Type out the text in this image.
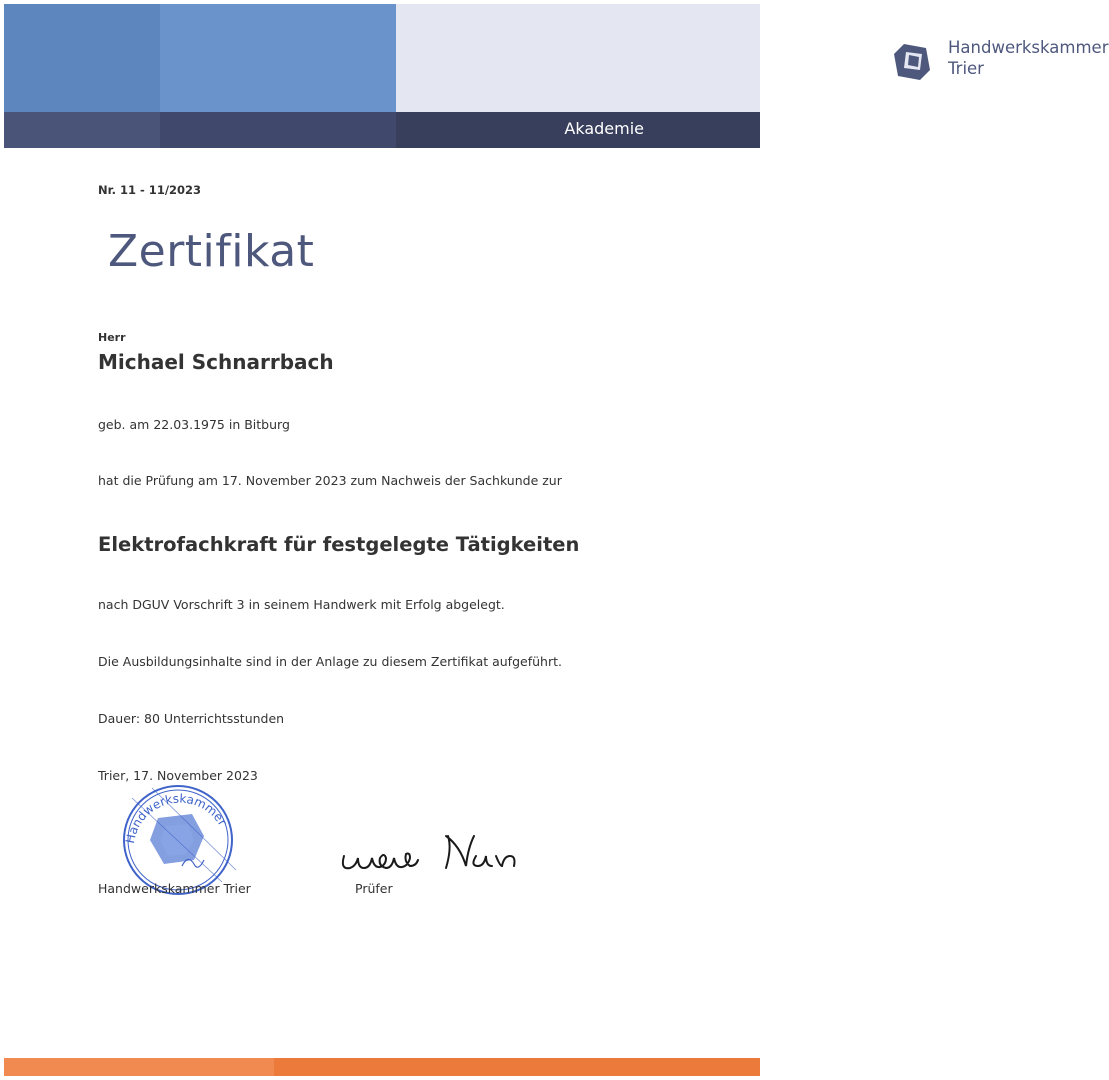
Handwerkskammer
Trier
Akademie
Nr. 11 - 11/2023
Zertifikat
Herr
Michael Schnarrbach
geb. am 22.03.1975 in Bitburg
hat die Prüfung am 17. November 2023 zum Nachweis der Sachkunde zur
Elektrofachkraft für festgelegte Tätigkeiten
nach DGUV Vorschrift 3 in seinem Handwerk mit Erfolg abgelegt.
Die Ausbildungsinhalte sind in der Anlage zu diesem Zertifikat aufgeführt.
Dauer: 80 Unterrichtsstunden
Trier, 17. November 2023
Handwerkskammer
Handwerkskammer Trier	Prüfer
